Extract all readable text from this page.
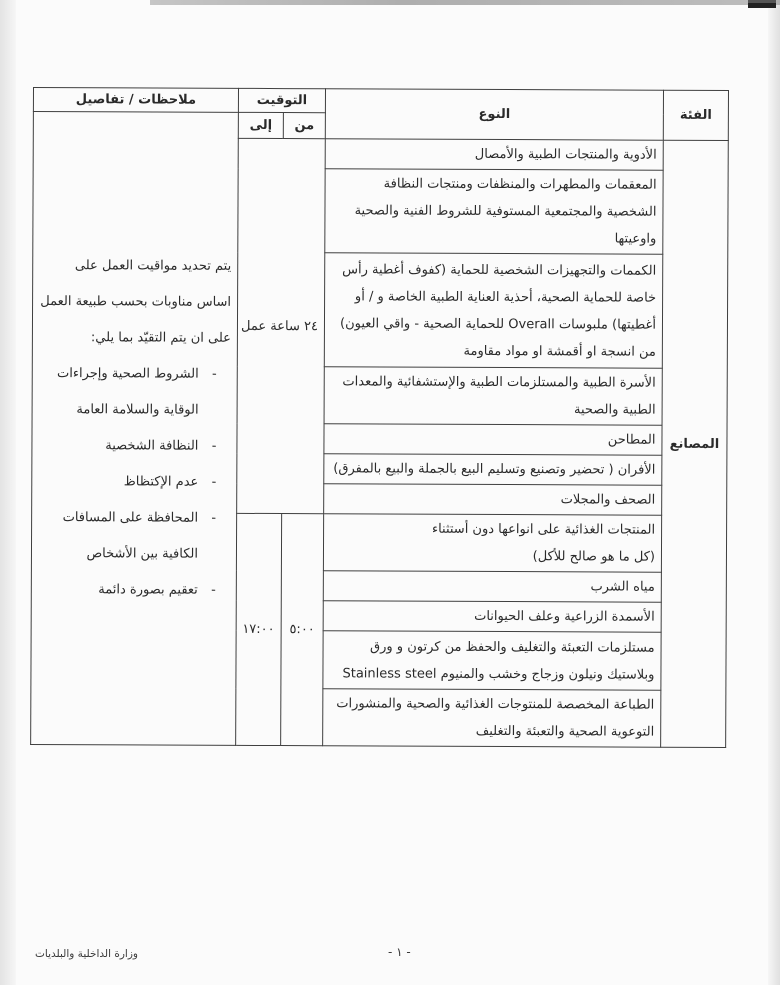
الفئة	النوع	التوقيت		ملاحظات / تفاصيل
من	إلى	

يتم تحديد مواقيت العمل على اساس مناوبات بحسب طبيعة العمل على ان يتم التقيّد بما يلي:

- الشروط الصحية وإجراءات الوقاية والسلامة العامة
- النظافة الشخصية
- عدم الإكتظاظ
- المحافظة على المسافات الكافية بين الأشخاص
- تعقيم بصورة دائمة

المصانع	الأدوية والمنتجات الطبية والأمصال	٢٤ ساعة عمل		
	المعقمات والمطهرات والمنظفات ومنتجات النظافة الشخصية والمجتمعية المستوفية للشروط الفنية والصحية واوعيتها			
	الكممات والتجهيزات الشخصية للحماية (كفوف أغطية رأس خاصة للحماية الصحية، أحذية العناية الطبية الخاصة و / أو أغطيتها) ملبوسات Overall للحماية الصحية - واقي العيون) من انسجة او أقمشة او مواد مقاومة			
	الأسرة الطبية والمستلزمات الطبية والإستشفائية والمعدات الطبية والصحية			
	المطاحن			
	الأفران ( تحضير وتصنيع وتسليم البيع بالجملة والبيع بالمفرق)			
	الصحف والمجلات			
	المنتجات الغذائية على انواعها دون أستثناء
(كل ما هو صالح للأكل)	٥:٠٠	١٧:٠٠	
	مياه الشرب			
	الأسمدة الزراعية وعلف الحيوانات			
	مستلزمات التعبئة والتغليف والحفظ من كرتون و ورق وبلاستيك ونيلون وزجاج وخشب والمنيوم Stainless steel			
	الطباعة المخصصة للمنتوجات الغذائية والصحية والمنشورات التوعوية الصحية والتعبئة والتغليف			
وزارة الداخلية والبلديات	- ١ -
